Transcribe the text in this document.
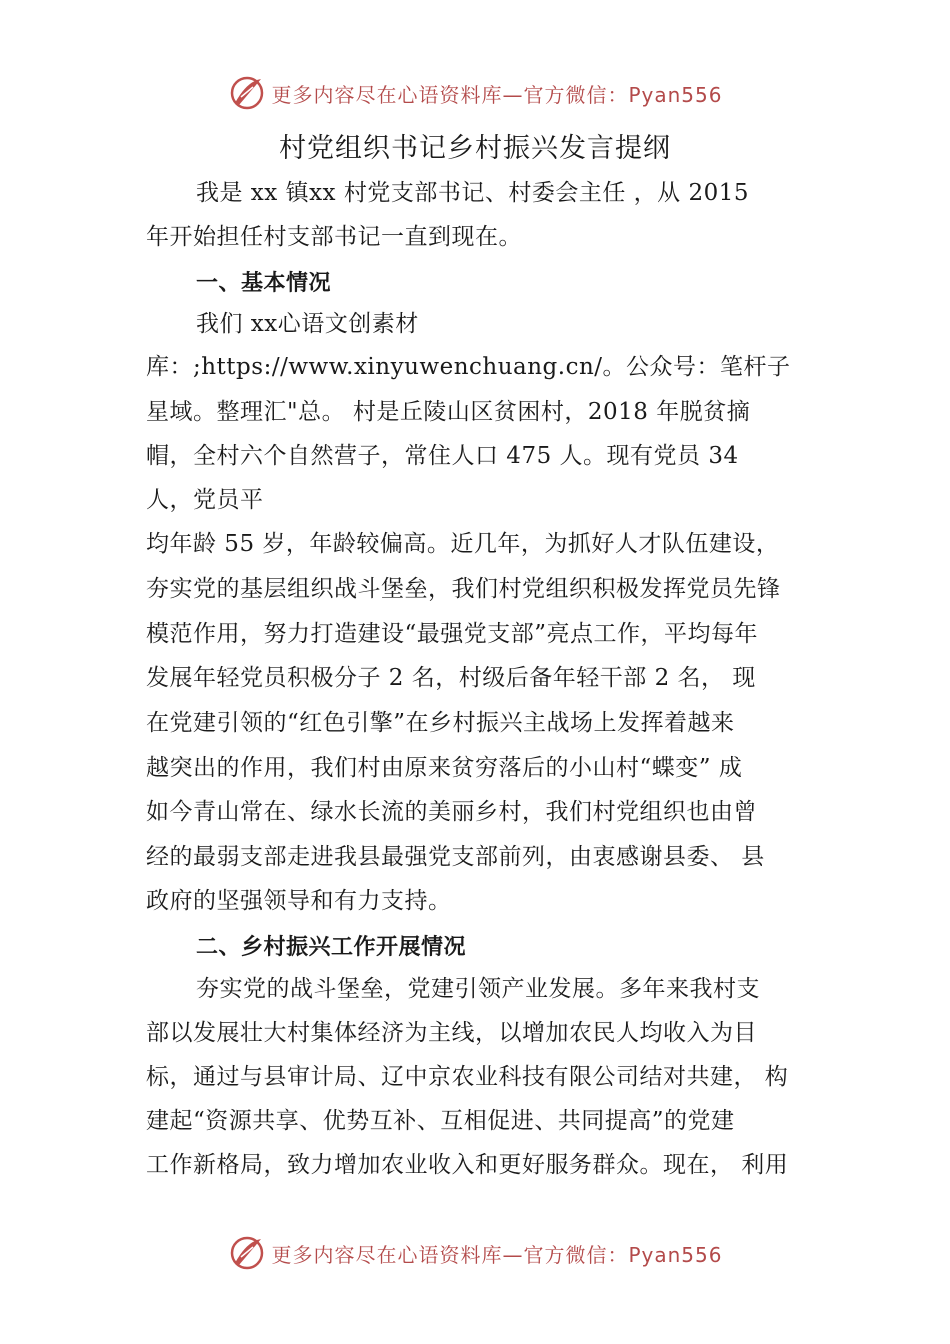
更多内容尽在心语资料库—官方微信：Pyan556
村党组织书记乡村振兴发言提纲

我是 xx 镇xx 村党支部书记、村委会主任 ，从 2015

年开始担任村支部书记一直到现在。

一、基本情况

我们 xx心语文创素材

库：;https://www.xinyuwenchuang.cn/。公众号：笔杆子

星域。整理汇"总。 村是丘陵山区贫困村，2018 年脱贫摘

帽，全村六个自然营子，常住人口 475 人。现有党员 34

人，党员平

均年龄 55 岁，年龄较偏高。近几年，为抓好人才队伍建设，

夯实党的基层组织战斗堡垒，我们村党组织积极发挥党员先锋

模范作用，努力打造建设“最强党支部”亮点工作，平均每年

发展年轻党员积极分子 2 名，村级后备年轻干部 2 名， 现

在党建引领的“红色引擎”在乡村振兴主战场上发挥着越来

越突出的作用，我们村由原来贫穷落后的小山村“蝶变” 成

如今青山常在、绿水长流的美丽乡村，我们村党组织也由曾

经的最弱支部走进我县最强党支部前列，由衷感谢县委、 县

政府的坚强领导和有力支持。

二、乡村振兴工作开展情况

夯实党的战斗堡垒，党建引领产业发展。多年来我村支

部以发展壮大村集体经济为主线，以增加农民人均收入为目

标，通过与县审计局、辽中京农业科技有限公司结对共建， 构

建起“资源共享、优势互补、互相促进、共同提高”的党建

工作新格局，致力增加农业收入和更好服务群众。现在， 利用

更多内容尽在心语资料库—官方微信：Pyan556
